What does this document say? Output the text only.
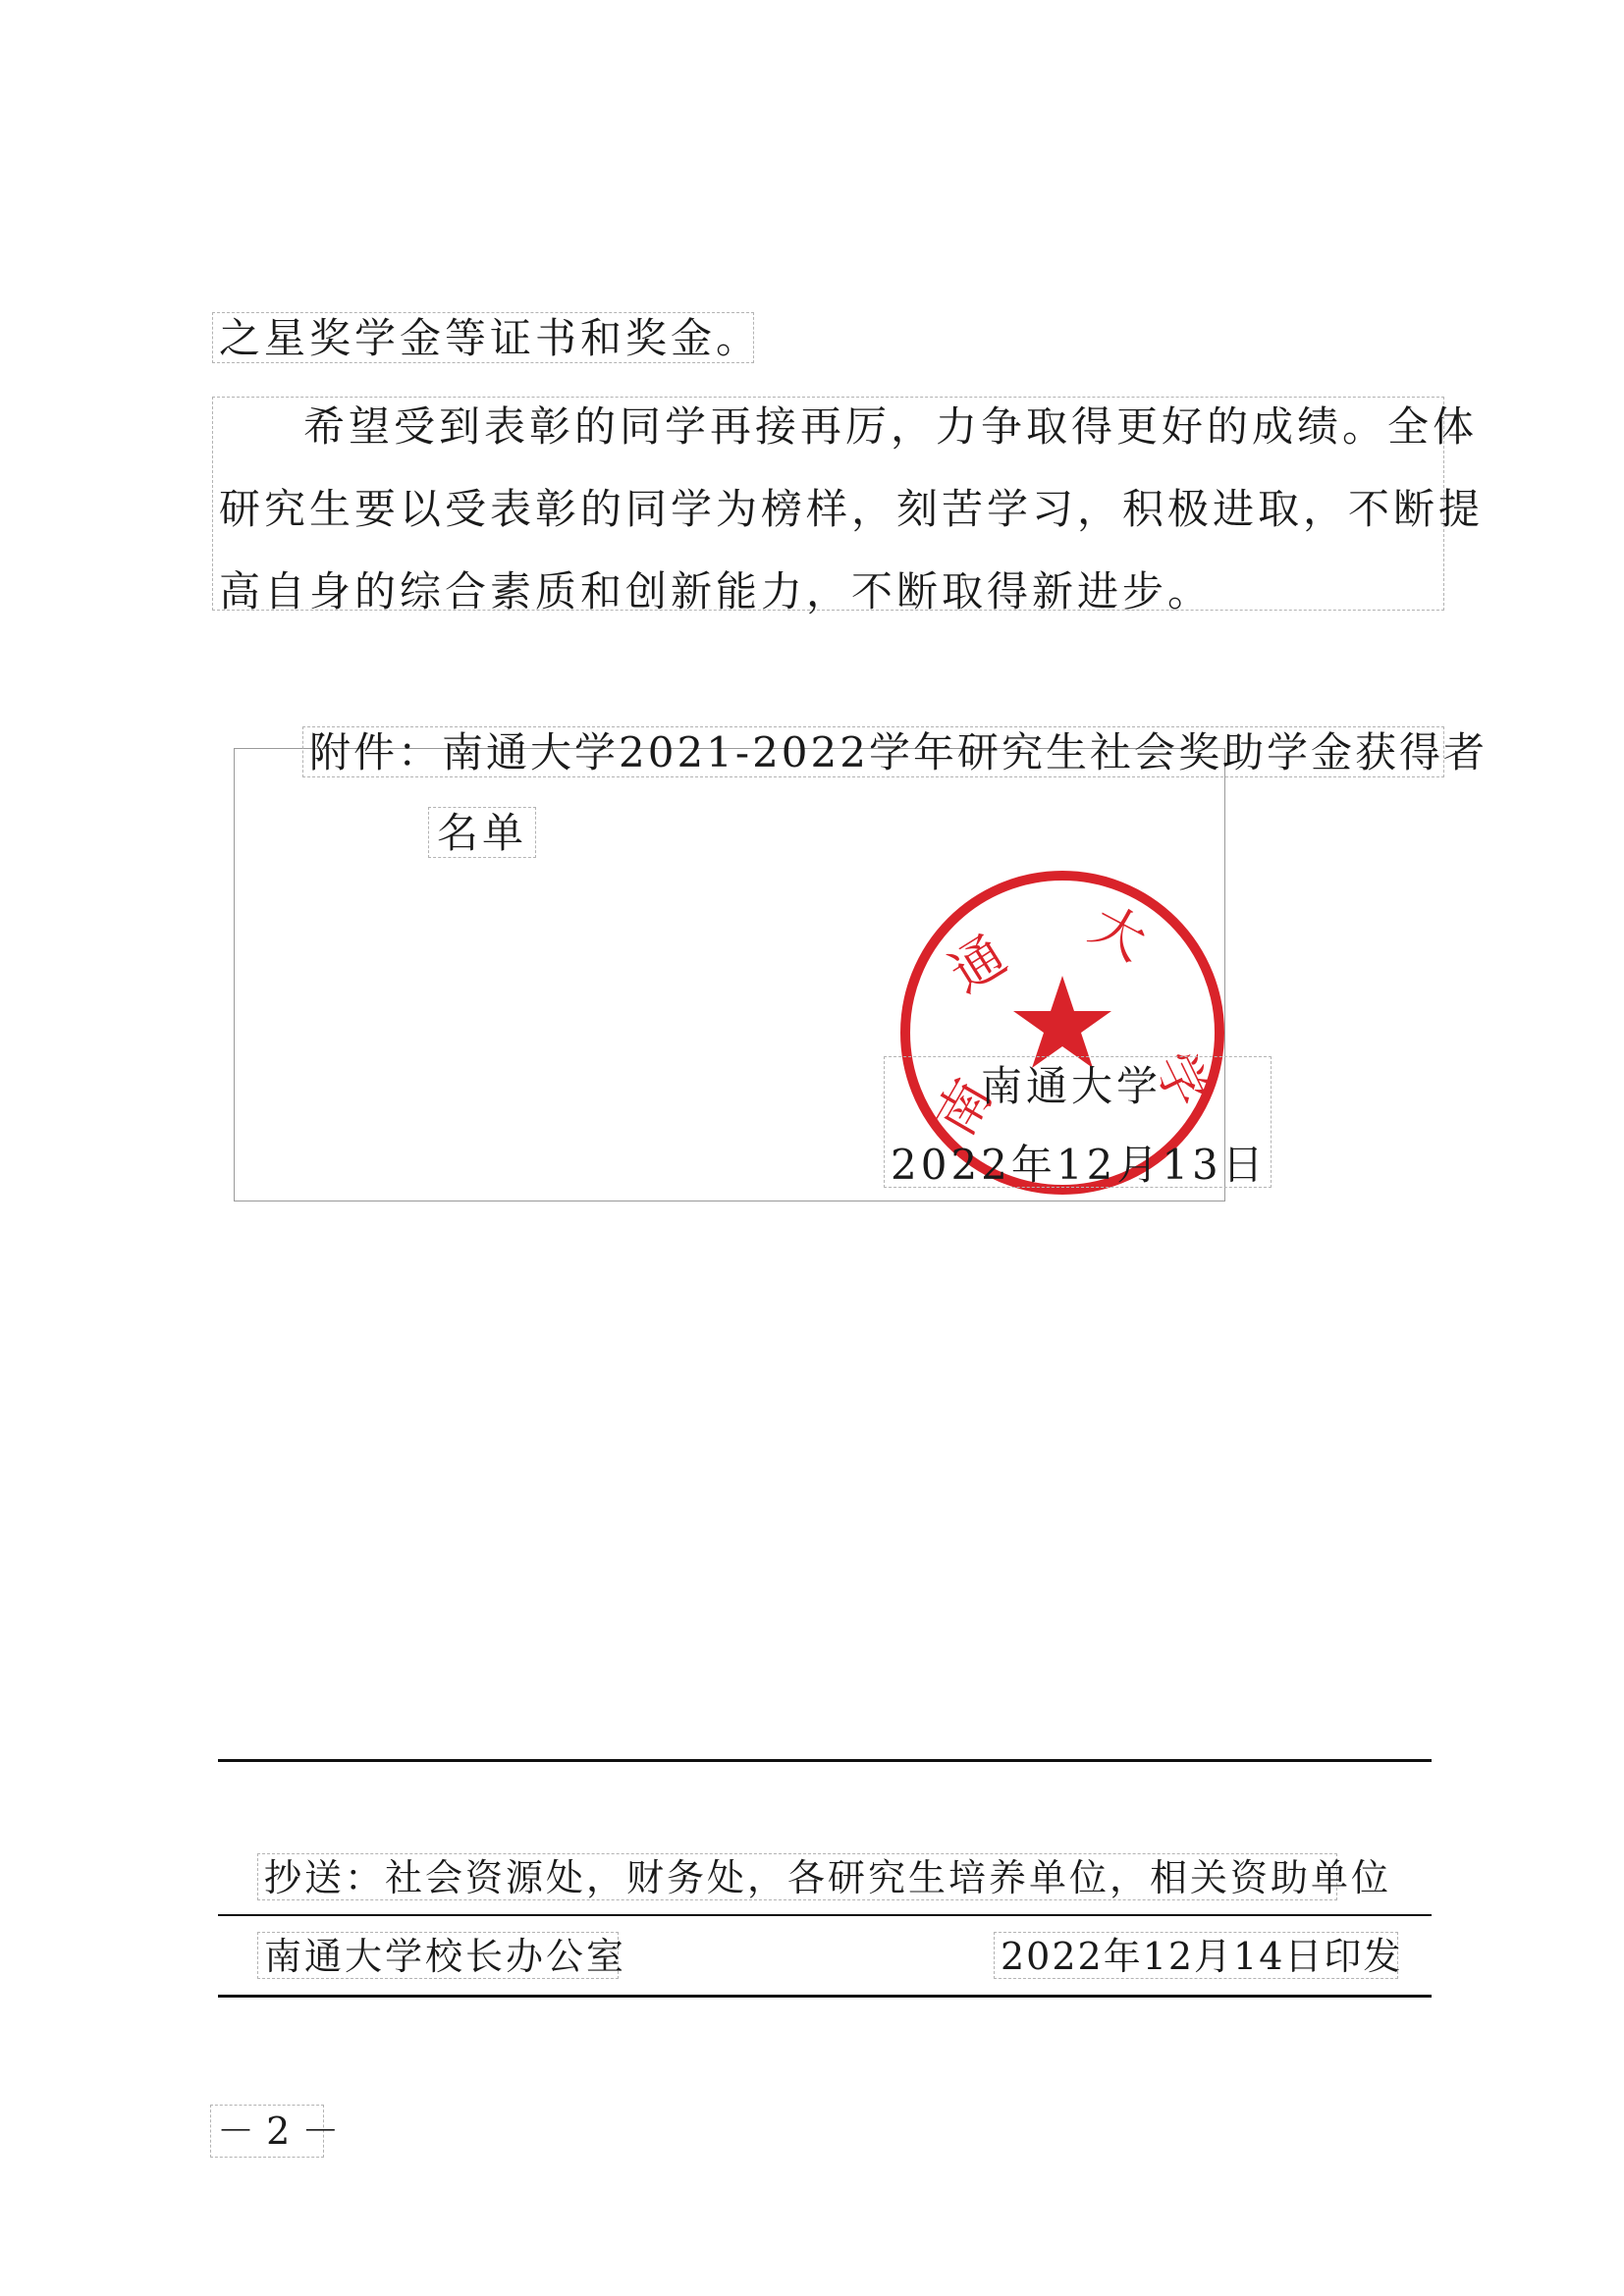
之星奖学金等证书和奖金。
希望受到表彰的同学再接再厉，力争取得更好的成绩。全体
研究生要以受表彰的同学为榜样，刻苦学习，积极进取，不断提
高自身的综合素质和创新能力，不断取得新进步。
附件：南通大学2021-2022学年研究生社会奖助学金获得者
名单
南
通 大
学
南通大学
2022年12月13日
抄送：社会资源处，财务处，各研究生培养单位，相关资助单位
南通大学校长办公室	2022年12月14日印发
－ 2 －
